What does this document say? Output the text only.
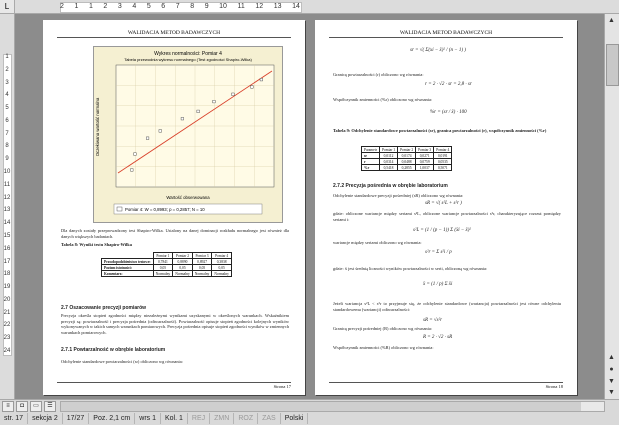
L	2 1 1 2 3 4 5 6 7 8 9 10 11 12 13 14
1
2
3
4
5
6
7
8
9
10
11
12
13
14
15
16
17
18
19
20
21
22
23
24
WALIDACJA METOD BADAWCZYCH
Wykres normalności: Pomiar 4
Tabela przewodnia wykresu normalnego (Test zgodności Shapiro-Wilka)
Wartość obserwowana
Oczekiwana wartość normalna
Pomiar 4: W = 0,8993; p = 0,2857; N = 10
Dla danych zostały przeprowadzony test Shapiro-Wilka. Ustalony na danej dominacji rozkładu normalnego jest również dla danych większych badaniach.
Tabela 8: Wyniki testu Shapiro-Wilka
	Pomiar 1	Pomiar 2	Pomiar 3	Pomiar 4
Prawdopodobieństwo testowe:	0,7841	0,8890	0,8927	0,3838
Poziom istotności:	0,05	0,05	0,05	0,05
Komentarz:	Normalny	Normalny	Normalny	Normalny
2.7 Oszacowanie precyzji pomiarów
Precyzja określa stopień zgodności między niezależnymi wynikami uzyskanymi w określonych warunkach. Wskaźnikiem precyzji są: powtarzalność i precyzja pośrednia (odtwarzalność). Powtarzalność opisuje stopień zgodności kolejnych wyników wykonywanych w takich samych warunkach pomiarowych. Precyzja pośrednia opisuje stopień zgodności wyników w zmiennych warunkach pomiarowych.
2.7.1 Powtarzalność w obrębie laboratorium
Odchylenie standardowe powtarzalności (sr) obliczono wg równania:
Strona 17
WALIDACJA METOD BADAWCZYCH
sr = √( Σ(xi − x̄)² / (n − 1) )
Granicę powtarzalności (r) obliczono wg równania:
r = 2 · √2 · sr = 2,8 · sr
Współczynnik zmienności (%r) obliczono wg równania:
%r = (sr / x̄) · 100
Tabela 9: Odchylenie standardowe powtarzalności (sr), granica powtarzalności (r), współczynnik zmienności (%r)
Parametr	Pomiar 1	Pomiar 2	Pomiar 3	Pomiar 4
sr	0,0112	0,0174	0,0271	0,0191
r	0,0314	0,0488	0,0759	0,0535
%r	0,5418	0,2855	1,0037	0,5071
2.7.2 Precyzja pośrednia w obrębie laboratorium
Odchylenie standardowe precyzji pośredniej (sR) obliczono wg równania:
sR = √( s²L + s²r )
gdzie: obliczone wariancje między seriami s²L, obliczone wariancje powtarzalności s²r, charakteryzujące rozrzut pomiędzy seriami i:
s²L = (1 / (p − 1)) Σ (x̄i − x̄)²
wariancje między seriami obliczono wg równania:
s²r = Σ s²i / p
gdzie: x̄ jest średnią liczności wyników powtarzalności w serii, obliczoną wg równania:
x̄ = (1 / p) Σ x̄i
Jeżeli wariancja s²L < s²r to przyjmuje się, że odchylenie standardowe (wariancja) powtarzalności jest równe odchyleniu standardowemu (wariancji) odtwarzalności:
sR = √s²r
Granicę precyzji pośredniej (R) obliczono wg równania:
R = 2 · √2 · sR
Współczynnik zmienności (%R) obliczono wg równania:
Strona 18
▲
▲
●
▼
▼
≡	◘	▭	☰
str. 17	sekcja 2	17/27	Poz. 2,1 cm	wrs 1	Kol. 1	REJ	ZMN	ROZ	ZAS	Polski
